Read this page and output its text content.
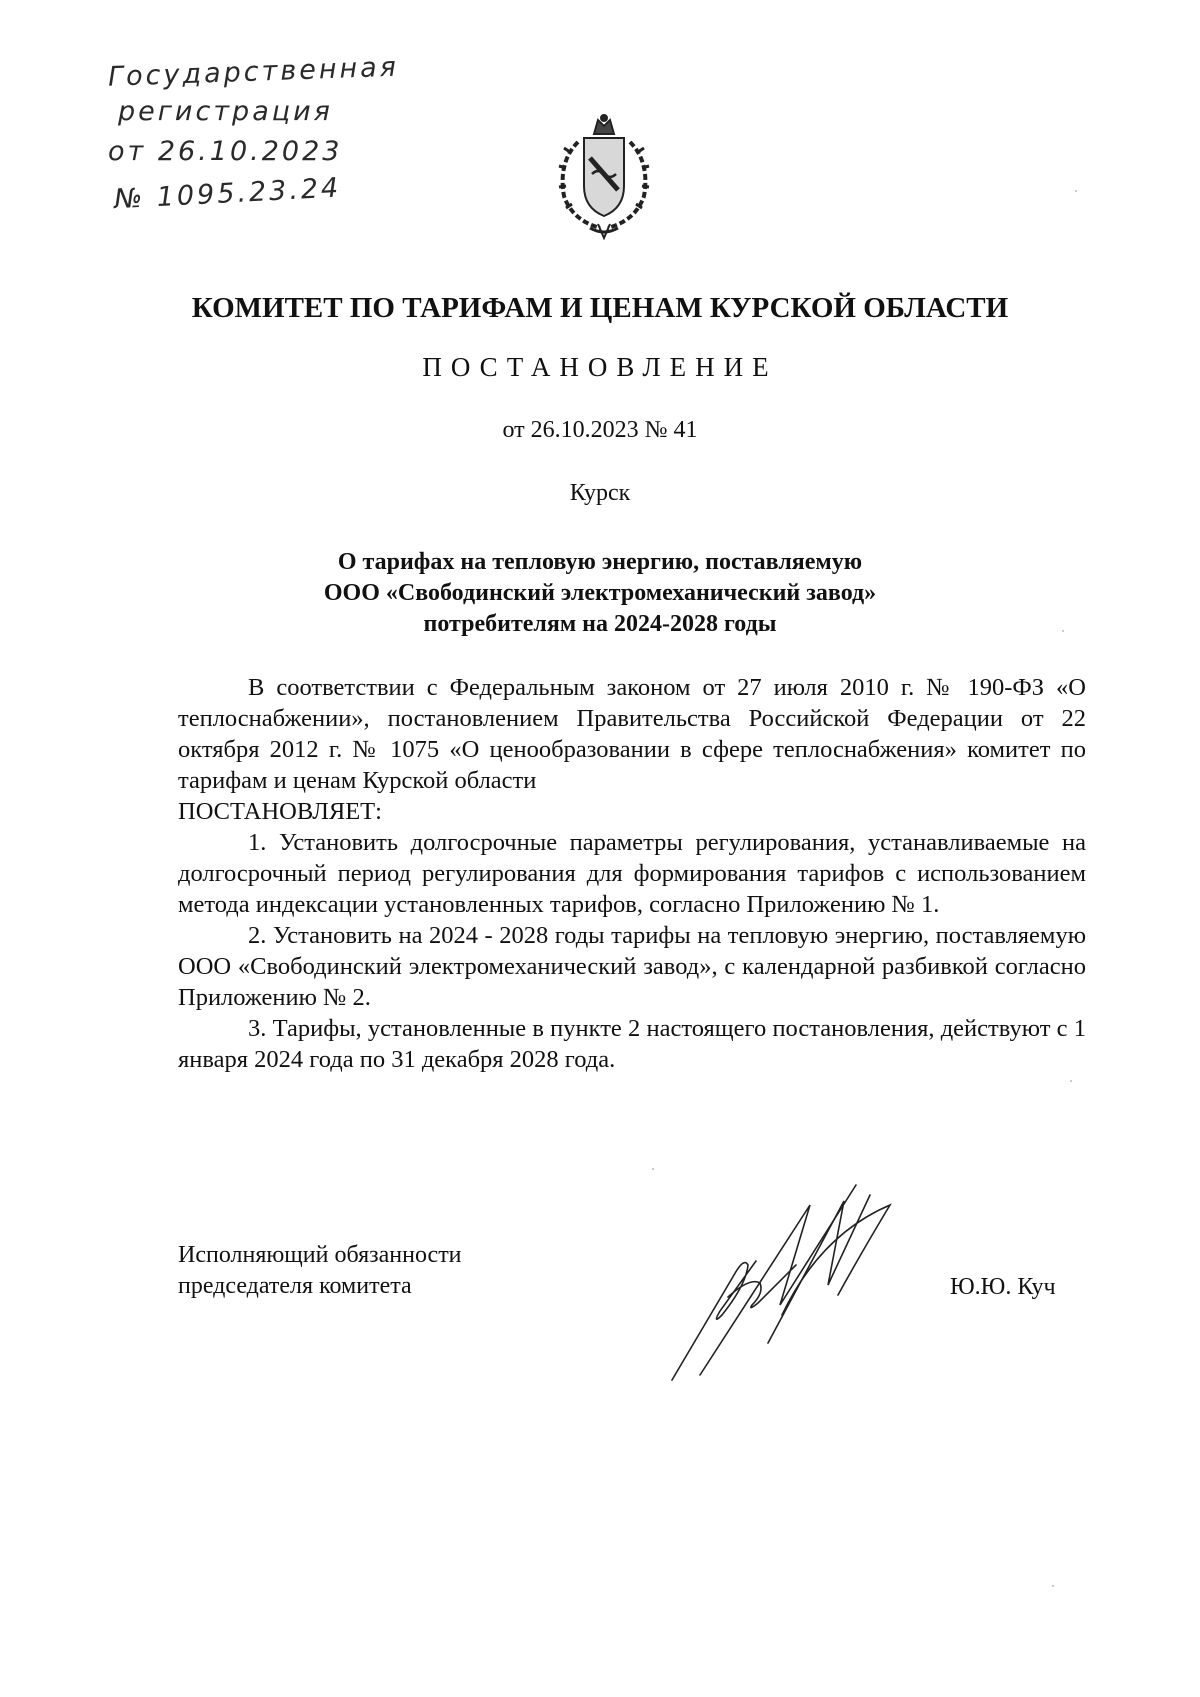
Государственная
регистрация
от 26.10.2023
№ 1095.23.24
КОМИТЕТ ПО ТАРИФАМ И ЦЕНАМ КУРСКОЙ ОБЛАСТИ
ПОСТАНОВЛЕНИЕ
от 26.10.2023 № 41
Курск
О тарифах на тепловую энергию, поставляемую
ООО «Свободинский электромеханический завод»
потребителям на 2024-2028 годы

В соответствии с Федеральным законом от 27 июля 2010 г. № 190-ФЗ «О теплоснабжении», постановлением Правительства Российской Федерации от 22 октября 2012 г. № 1075 «О ценообразовании в сфере теплоснабжения» комитет по тарифам и ценам Курской области

ПОСТАНОВЛЯЕТ:

1. Установить долгосрочные параметры регулирования, устанавливаемые на долгосрочный период регулирования для формирования тарифов с использованием метода индексации установленных тарифов, согласно Приложению № 1.

2. Установить на 2024 - 2028 годы тарифы на тепловую энергию, поставляемую ООО «Свободинский электромеханический завод», с календарной разбивкой согласно Приложению № 2.

3. Тарифы, установленные в пункте 2 настоящего постановления, действуют с 1 января 2024 года по 31 декабря 2028 года.

Исполняющий обязанности
председателя комитета	Ю.Ю. Куч
